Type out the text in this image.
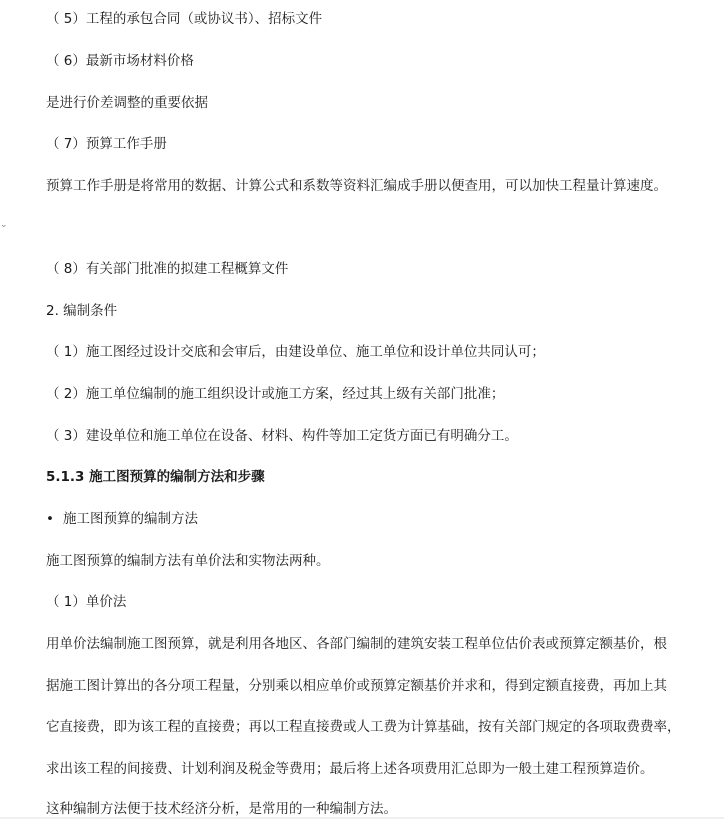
（ 5）工程的承包合同（或协议书）、招标文件
（ 6）最新市场材料价格
是进行价差调整的重要依据
（ 7）预算工作手册
预算工作手册是将常用的数据、计算公式和系数等资料汇编成手册以便查用，可以加快工程量计算速度。
⌄
（ 8）有关部门批准的拟建工程概算文件
2. 编制条件
（ 1）施工图经过设计交底和会审后，由建设单位、施工单位和设计单位共同认可；
（ 2）施工单位编制的施工组织设计或施工方案，经过其上级有关部门批准；
（ 3）建设单位和施工单位在设备、材料、构件等加工定货方面已有明确分工。
5.1.3 施工图预算的编制方法和步骤
• 施工图预算的编制方法
施工图预算的编制方法有单价法和实物法两种。
（ 1）单价法
用单价法编制施工图预算，就是利用各地区、各部门编制的建筑安装工程单位估价表或预算定额基价，根
据施工图计算出的各分项工程量，分别乘以相应单价或预算定额基价并求和，得到定额直接费，再加上其
它直接费，即为该工程的直接费；再以工程直接费或人工费为计算基础，按有关部门规定的各项取费费率，
求出该工程的间接费、计划利润及税金等费用；最后将上述各项费用汇总即为一般土建工程预算造价。
这种编制方法便于技术经济分析，是常用的一种编制方法。
